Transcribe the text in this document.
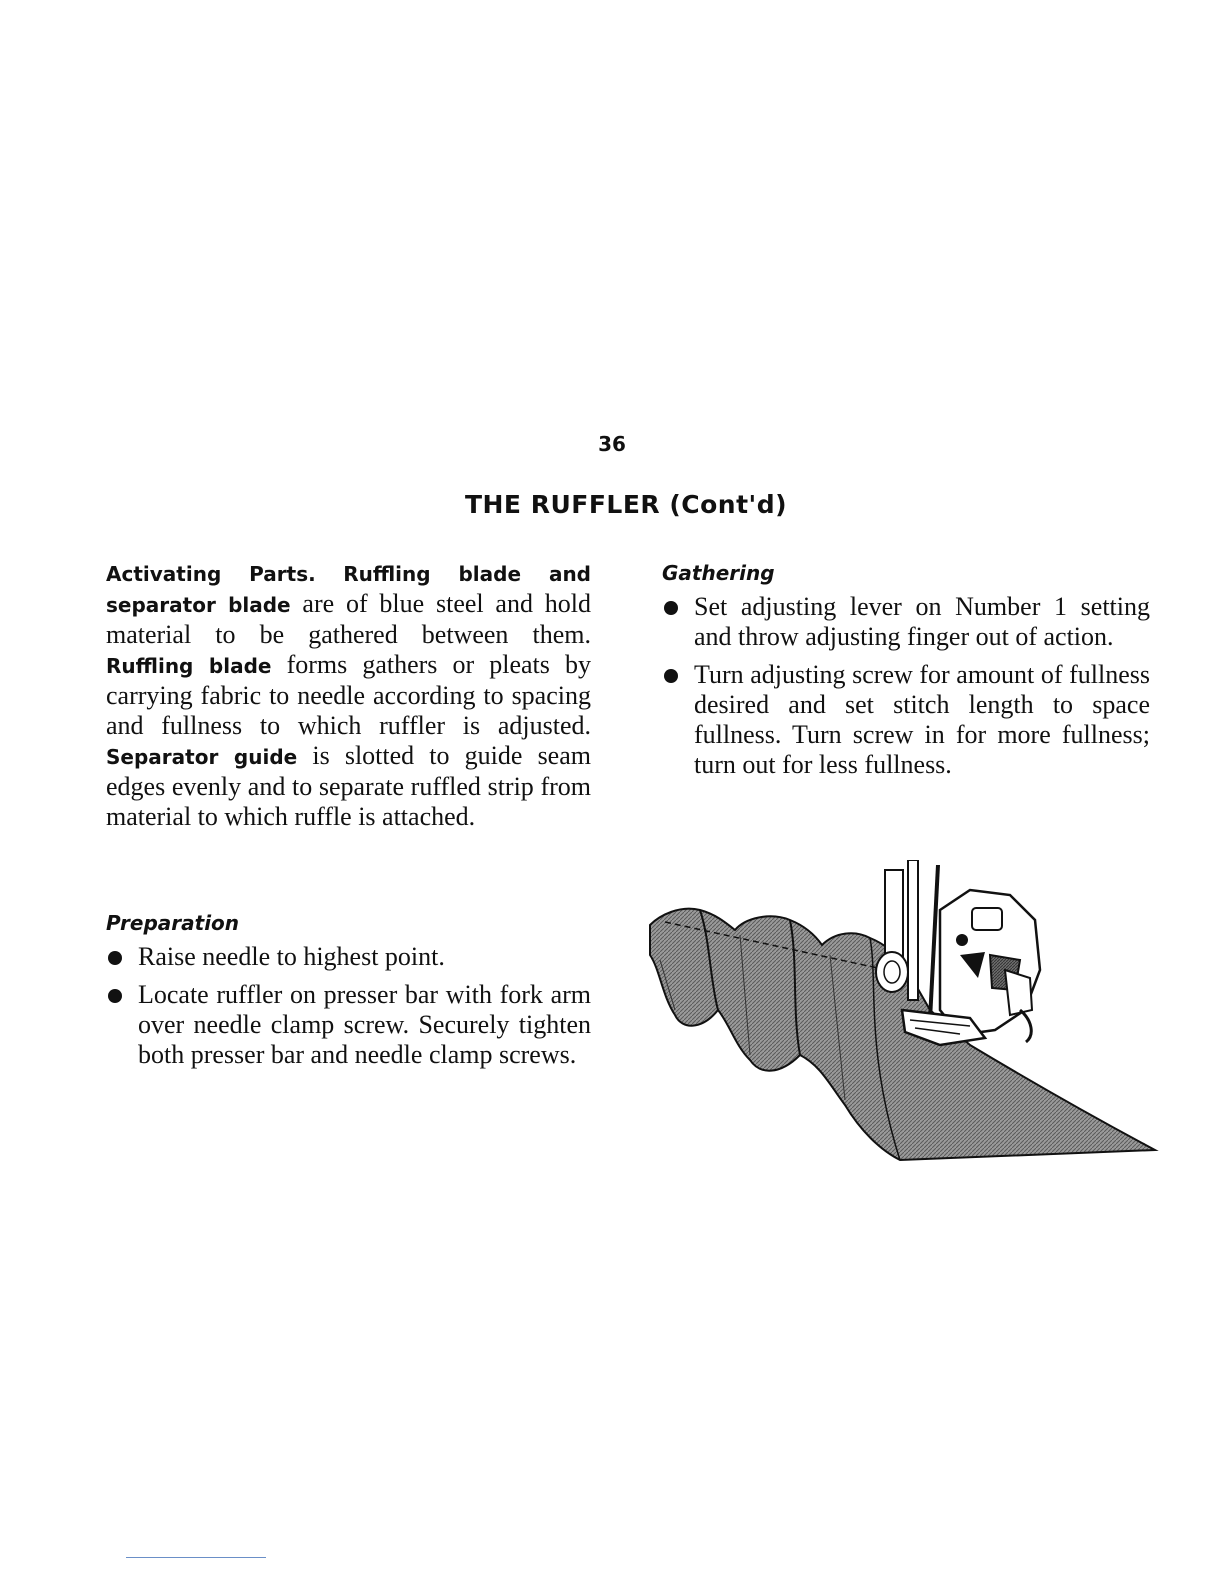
36
THE RUFFLER (Cont'd)

Activating Parts. Ruffling blade and separator blade are of blue steel and hold material to be gathered between them. Ruffling blade forms gathers or pleats by carrying fabric to needle according to spacing and fullness to which ruffler is adjusted. Separator guide is slotted to guide seam edges evenly and to separate ruffled strip from material to which ruffle is attached.

Preparation

Raise needle to highest point.
Locate ruffler on presser bar with fork arm over needle clamp screw. Securely tighten both presser bar and needle clamp screws.

Gathering

Set adjusting lever on Number 1 setting and throw adjusting finger out of action.
Turn adjusting screw for amount of fullness desired and set stitch length to space fullness. Turn screw in for more fullness; turn out for less fullness.
